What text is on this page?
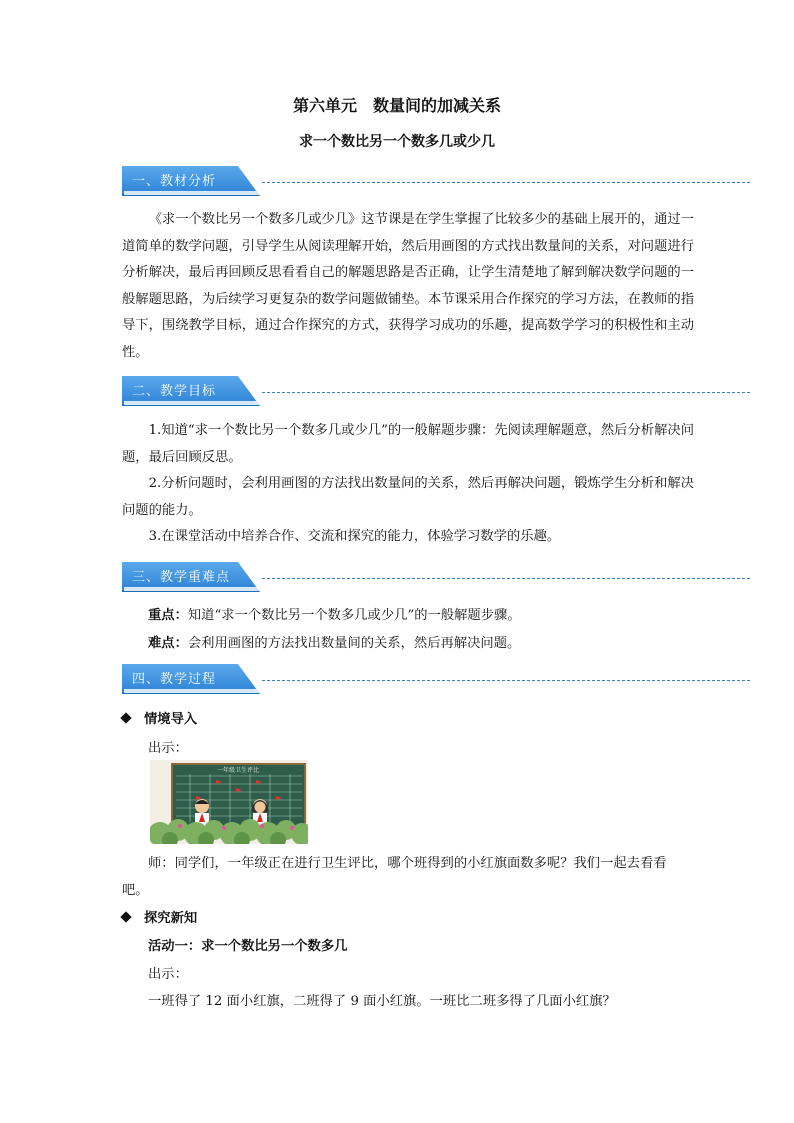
第六单元　数量间的加减关系
求一个数比另一个数多几或少几
一、教材分析

《求一个数比另一个数多几或少几》这节课是在学生掌握了比较多少的基础上展开的，通过一道简单的数学问题，引导学生从阅读理解开始，然后用画图的方式找出数量间的关系，对问题进行分析解决，最后再回顾反思看看自己的解题思路是否正确，让学生清楚地了解到解决数学问题的一般解题思路，为后续学习更复杂的数学问题做铺垫。本节课采用合作探究的学习方法，在教师的指导下，围绕教学目标，通过合作探究的方式，获得学习成功的乐趣，提高数学学习的积极性和主动性。

二、教学目标

1.知道“求一个数比另一个数多几或少几”的一般解题步骤：先阅读理解题意，然后分析解决问题，最后回顾反思。

2.分析问题时，会利用画图的方法找出数量间的关系，然后再解决问题，锻炼学生分析和解决问题的能力。

3.在课堂活动中培养合作、交流和探究的能力，体验学习数学的乐趣。

三、教学重难点
重点：知道“求一个数比另一个数多几或少几”的一般解题步骤。
难点：会利用画图的方法找出数量间的关系，然后再解决问题。
四、教学过程
情境导入
出示：
一年级卫生评比
师：同学们，一年级正在进行卫生评比，哪个班得到的小红旗面数多呢？我们一起去看看
吧。
探究新知
活动一：求一个数比另一个数多几
出示：
一班得了 12 面小红旗，二班得了 9 面小红旗。一班比二班多得了几面小红旗？
